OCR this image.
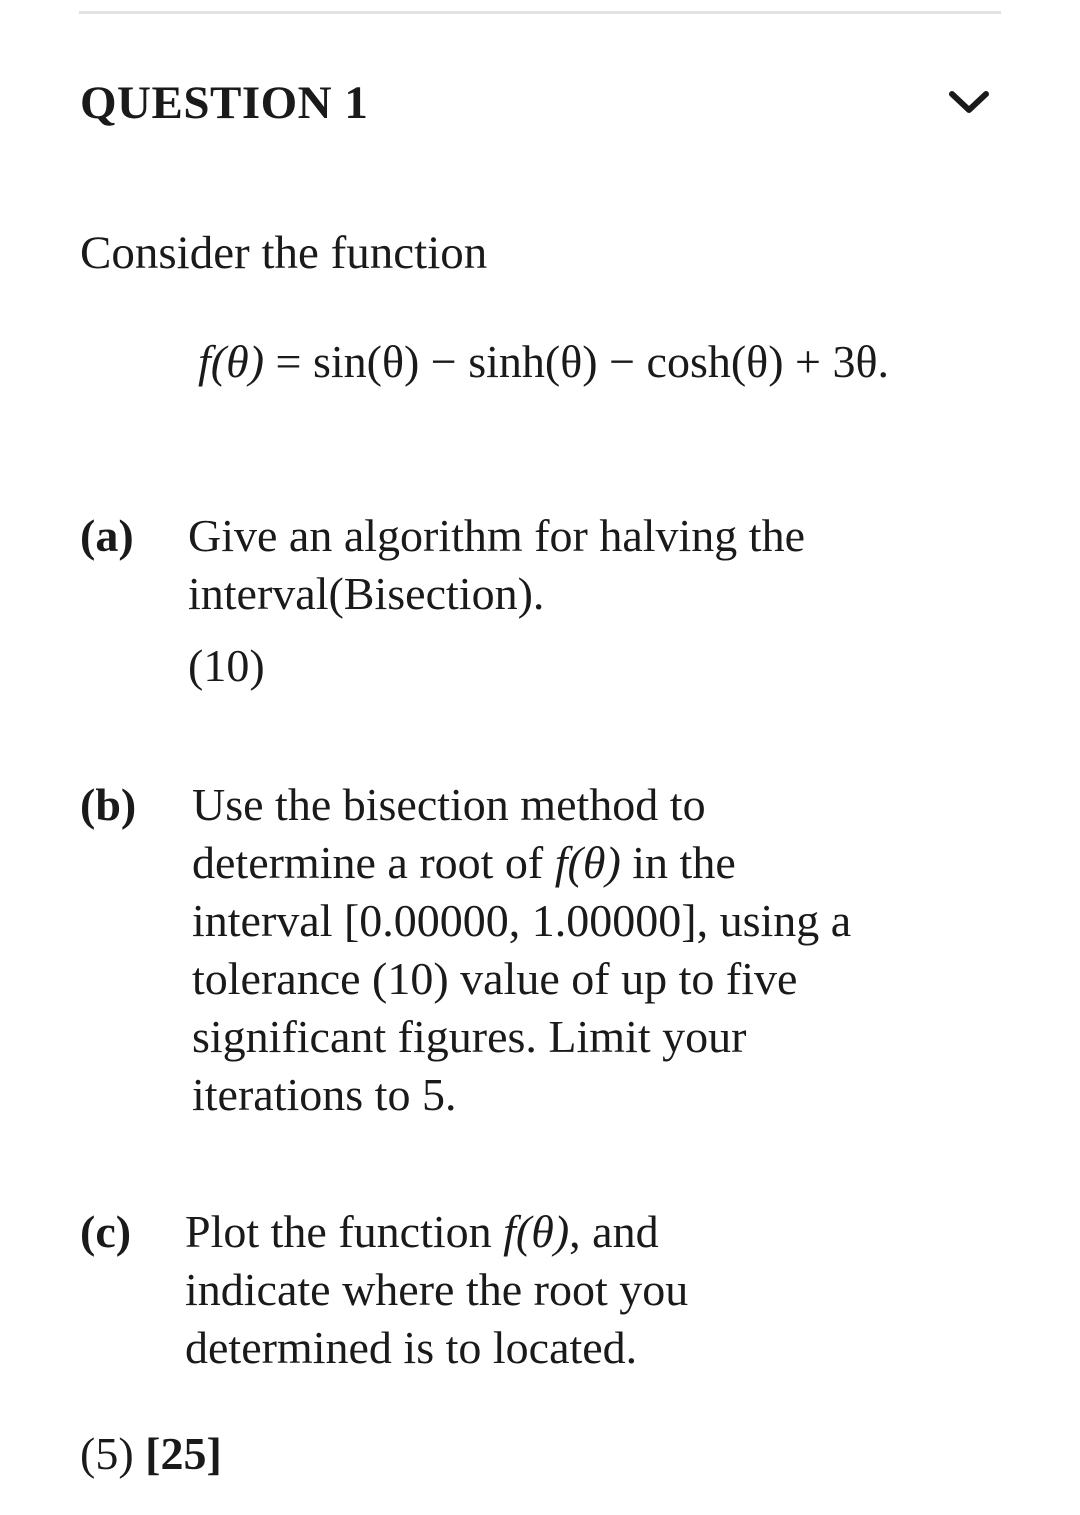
QUESTION 1
Consider the function
f(θ) = sin(θ) − sinh(θ) − cosh(θ) + 3θ.
(a) Give an algorithm for halving the
interval(Bisection).
(10)
(b) Use the bisection method to
determine a root of f(θ) in the
interval [0.00000, 1.00000], using a
tolerance (10) value of up to five
significant figures. Limit your
iterations to 5.
(c) Plot the function f(θ), and
indicate where the root you
determined is to located.
(5) [25]
